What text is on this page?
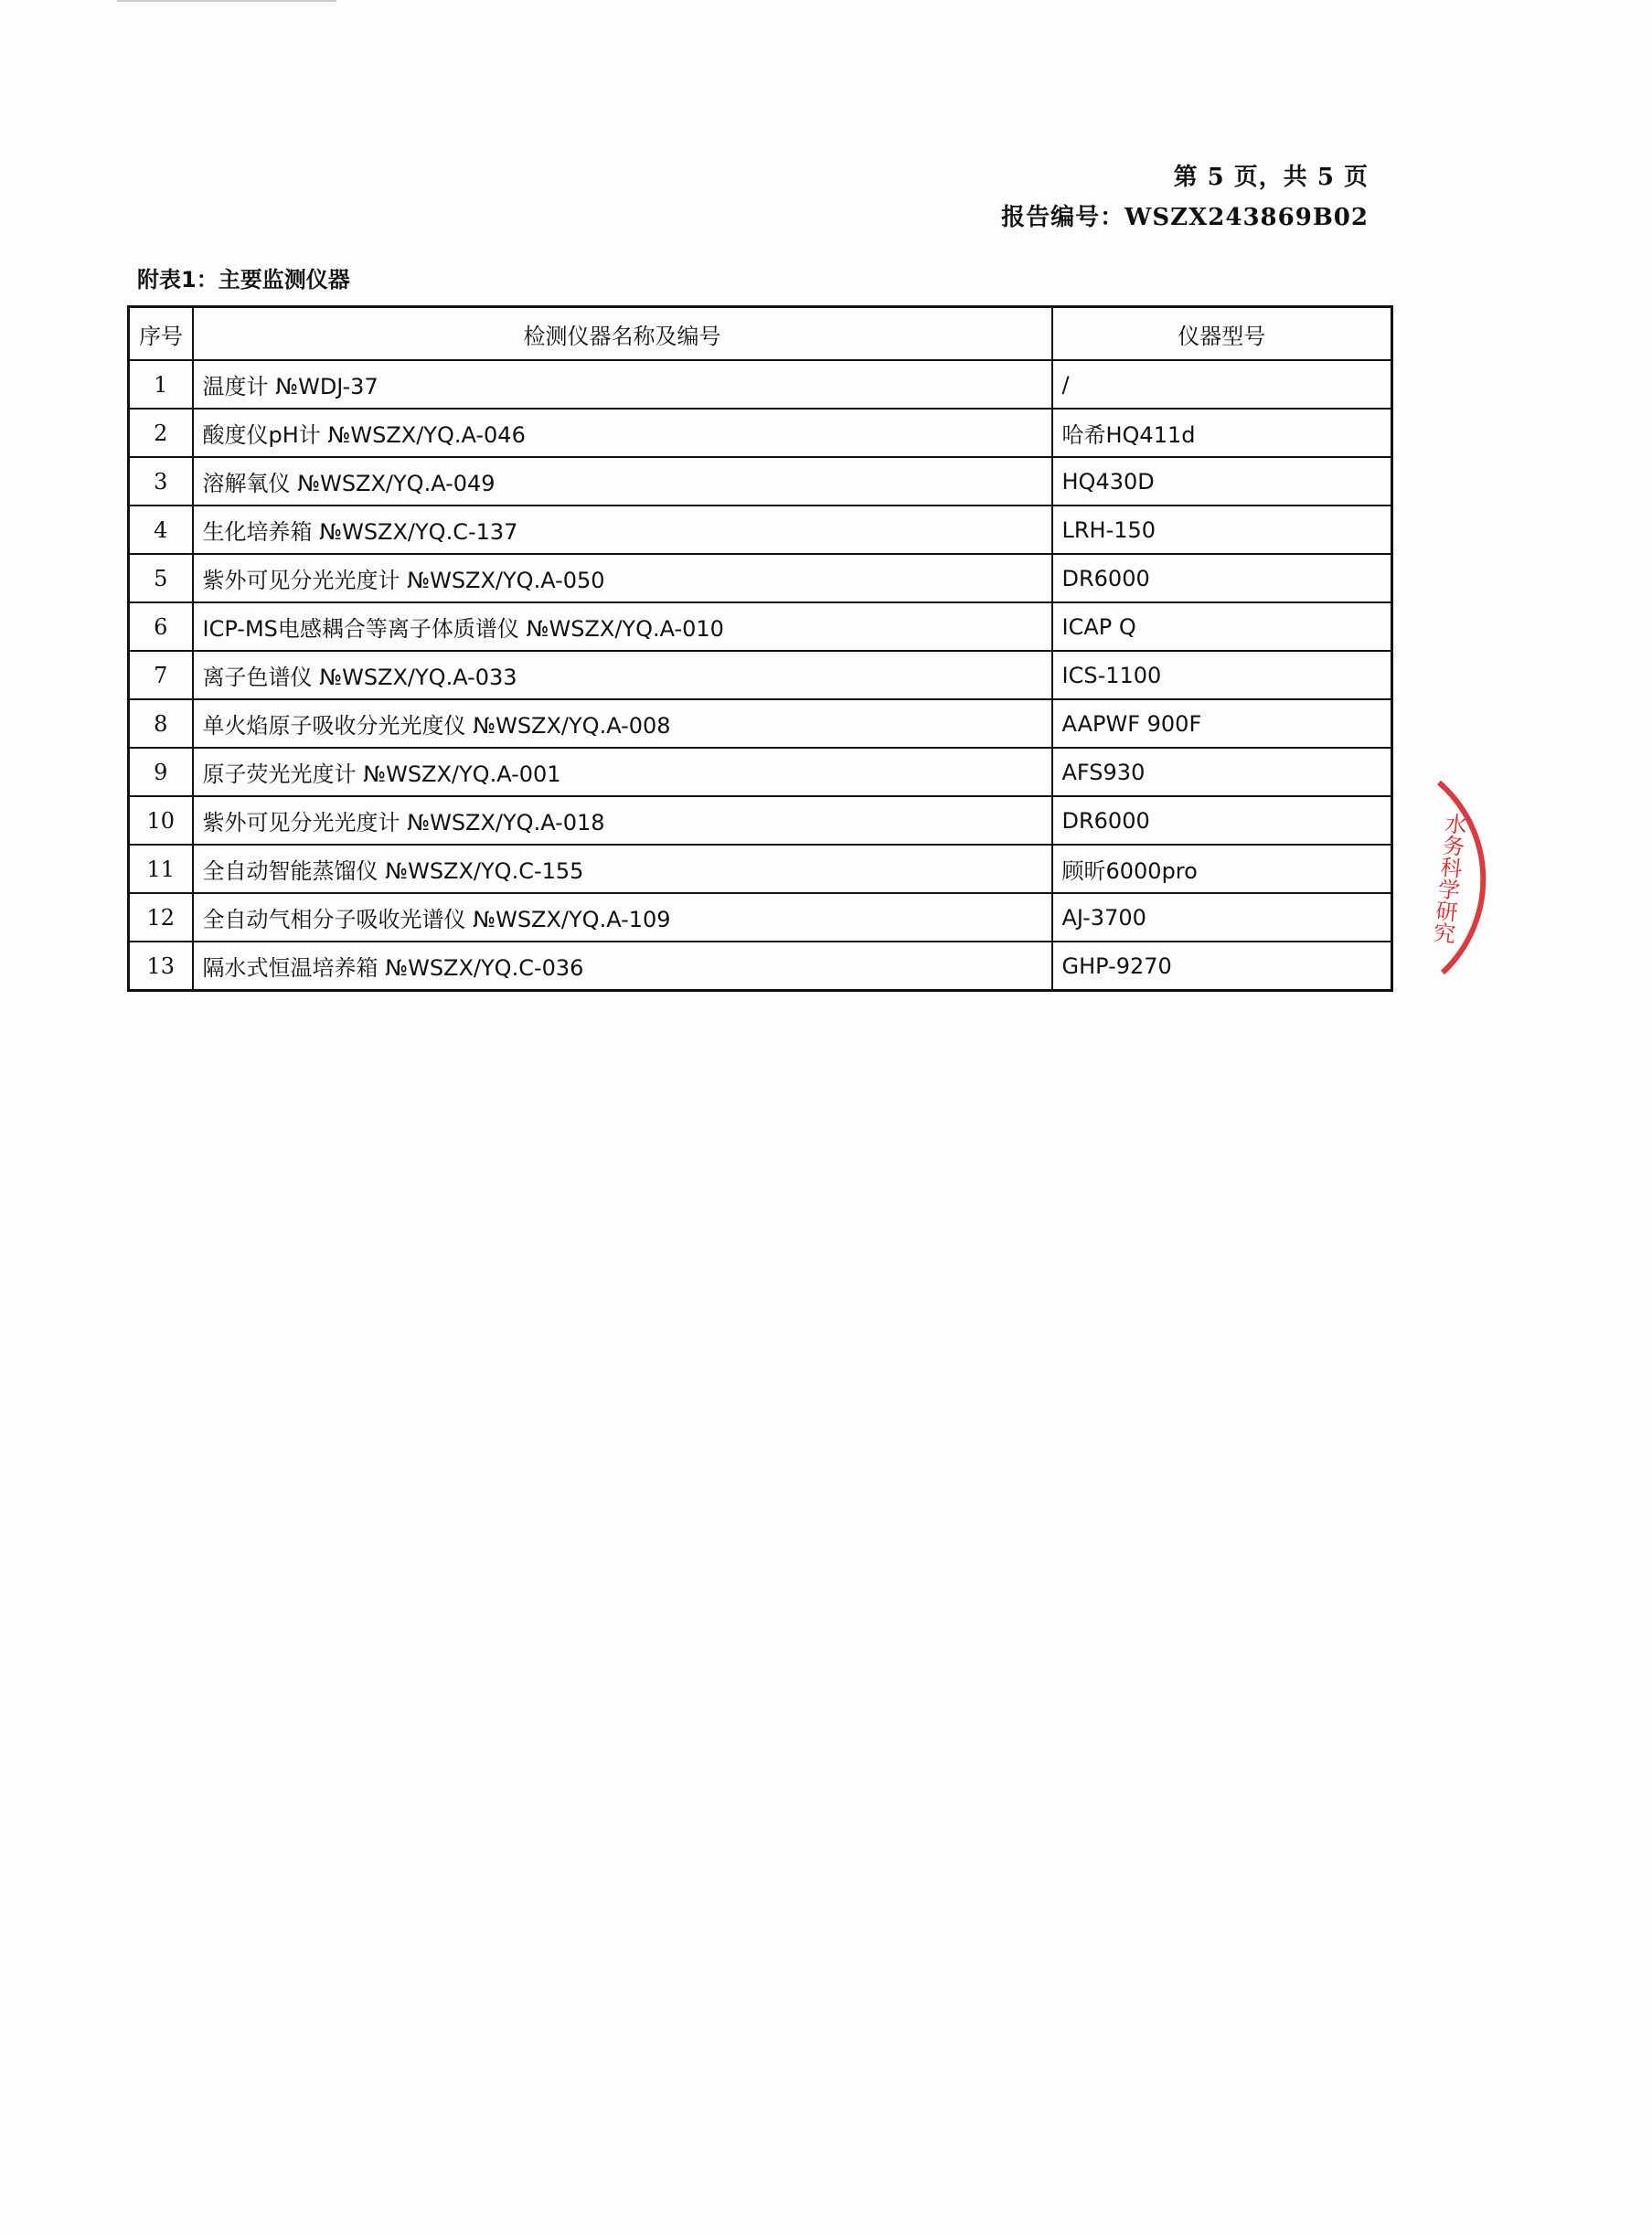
第 5 页，共 5 页
报告编号：WSZX243869B02
附表1：主要监测仪器
序号	检测仪器名称及编号	仪器型号
1	温度计 №WDJ-37	/
2	酸度仪pH计 №WSZX/YQ.A-046	哈希HQ411d
3	溶解氧仪 №WSZX/YQ.A-049	HQ430D
4	生化培养箱 №WSZX/YQ.C-137	LRH-150
5	紫外可见分光光度计 №WSZX/YQ.A-050	DR6000
6	ICP-MS电感耦合等离子体质谱仪 №WSZX/YQ.A-010	ICAP Q
7	离子色谱仪 №WSZX/YQ.A-033	ICS-1100
8	单火焰原子吸收分光光度仪 №WSZX/YQ.A-008	AAPWF 900F
9	原子荧光光度计 №WSZX/YQ.A-001	AFS930
10	紫外可见分光光度计 №WSZX/YQ.A-018	DR6000
11	全自动智能蒸馏仪 №WSZX/YQ.C-155	顾昕6000pro
12	全自动气相分子吸收光谱仪 №WSZX/YQ.A-109	AJ-3700
13	隔水式恒温培养箱 №WSZX/YQ.C-036	GHP-9270
水务科学研究
